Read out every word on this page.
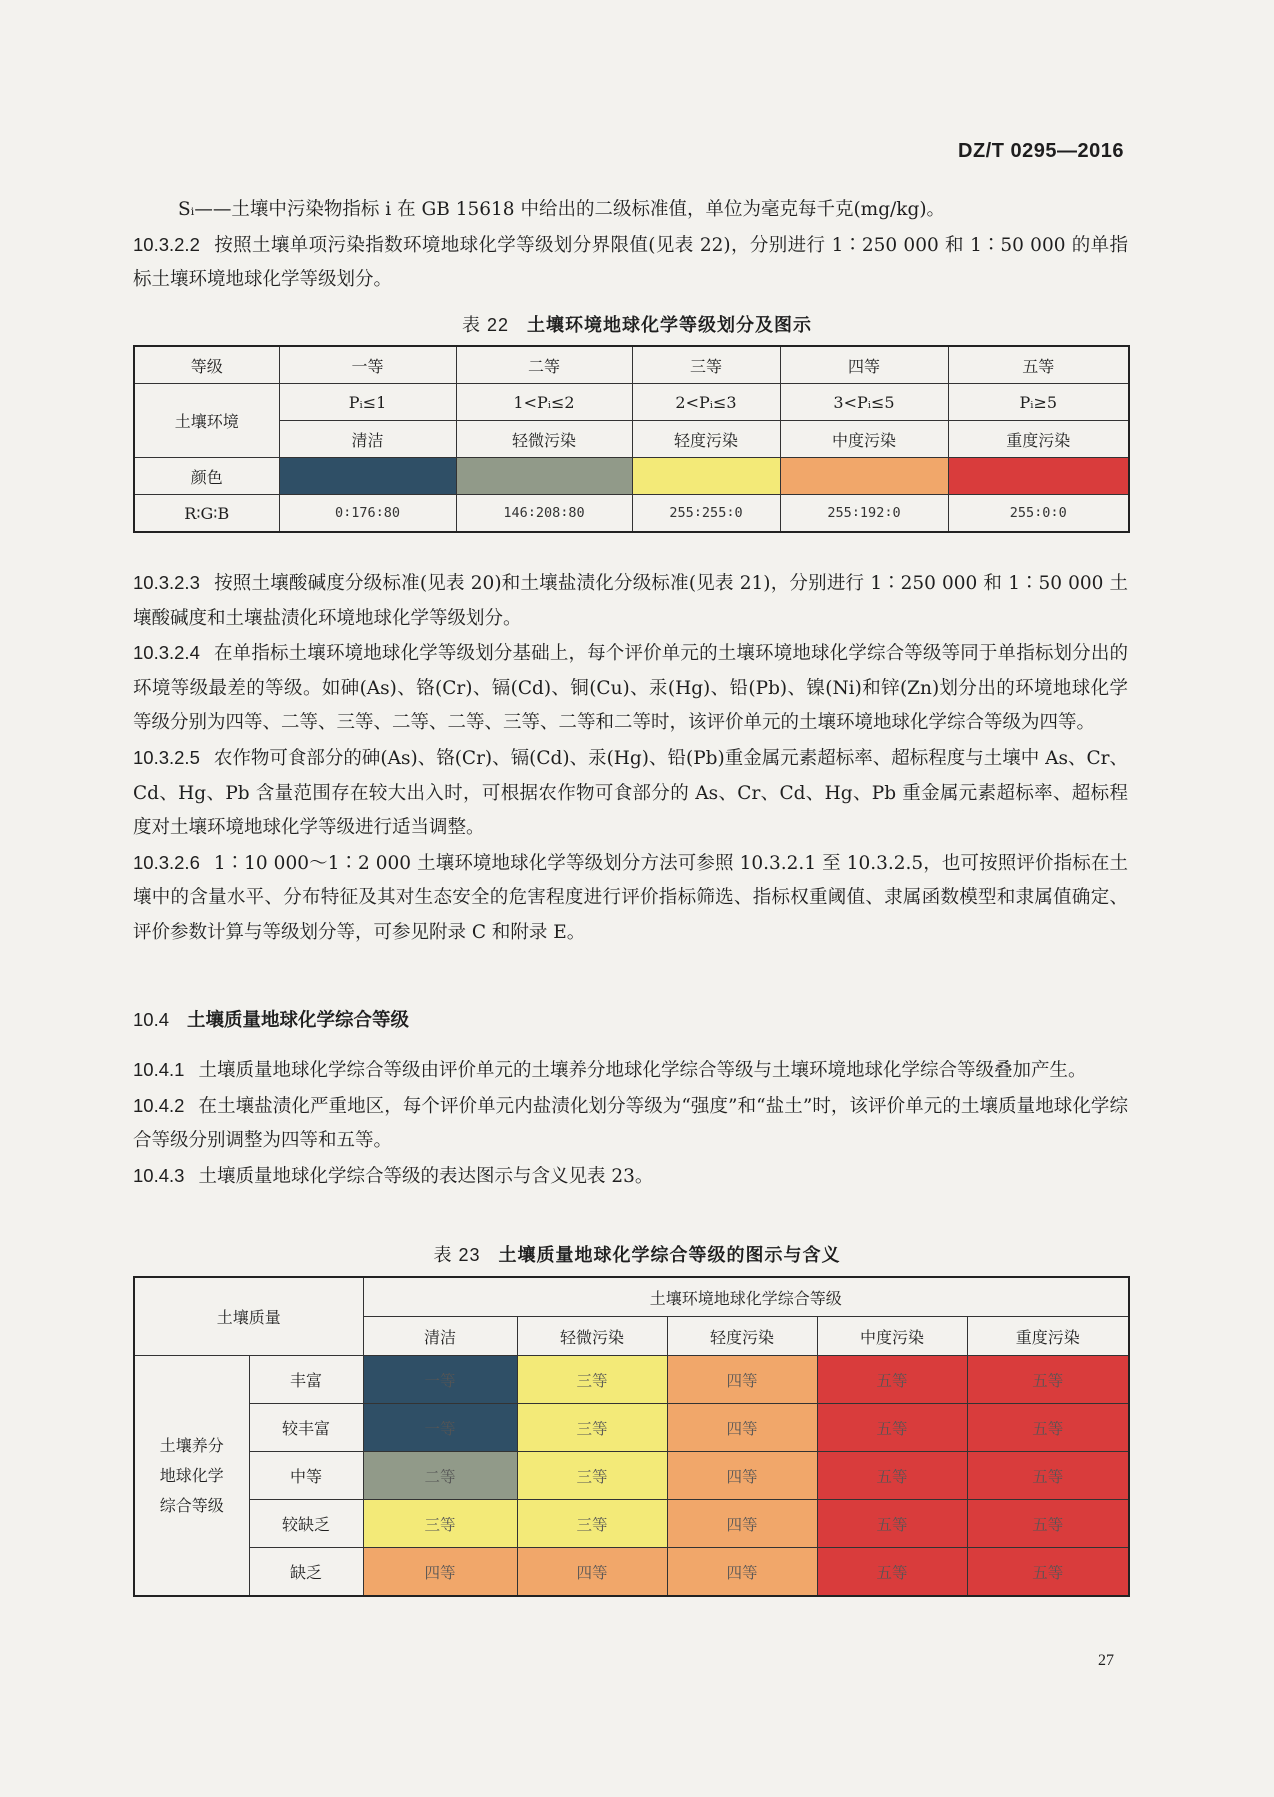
DZ/T 0295—2016

Sᵢ——土壤中污染物指标 i 在 GB 15618 中给出的二级标准值，单位为毫克每千克(mg/kg)。

10.3.2.2 按照土壤单项污染指数环境地球化学等级划分界限值(见表 22)，分别进行 1∶250 000 和 1∶50 000 的单指标土壤环境地球化学等级划分。

表 22 土壤环境地球化学等级划分及图示
等级	一等	二等	三等	四等	五等
土壤环境	Pᵢ≤1	1<Pᵢ≤2	2<Pᵢ≤3	3<Pᵢ≤5	Pᵢ≥5
	清洁	轻微污染	轻度污染	中度污染	重度污染
颜色					
R∶G∶B	0∶176∶80	146∶208∶80	255∶255∶0	255∶192∶0	255∶0∶0

10.3.2.3 按照土壤酸碱度分级标准(见表 20)和土壤盐渍化分级标准(见表 21)，分别进行 1∶250 000 和 1∶50 000 土壤酸碱度和土壤盐渍化环境地球化学等级划分。

10.3.2.4 在单指标土壤环境地球化学等级划分基础上，每个评价单元的土壤环境地球化学综合等级等同于单指标划分出的环境等级最差的等级。如砷(As)、铬(Cr)、镉(Cd)、铜(Cu)、汞(Hg)、铅(Pb)、镍(Ni)和锌(Zn)划分出的环境地球化学等级分别为四等、二等、三等、二等、二等、三等、二等和二等时，该评价单元的土壤环境地球化学综合等级为四等。

10.3.2.5 农作物可食部分的砷(As)、铬(Cr)、镉(Cd)、汞(Hg)、铅(Pb)重金属元素超标率、超标程度与土壤中 As、Cr、Cd、Hg、Pb 含量范围存在较大出入时，可根据农作物可食部分的 As、Cr、Cd、Hg、Pb 重金属元素超标率、超标程度对土壤环境地球化学等级进行适当调整。

10.3.2.6 1∶10 000～1∶2 000 土壤环境地球化学等级划分方法可参照 10.3.2.1 至 10.3.2.5，也可按照评价指标在土壤中的含量水平、分布特征及其对生态安全的危害程度进行评价指标筛选、指标权重阈值、隶属函数模型和隶属值确定、评价参数计算与等级划分等，可参见附录 C 和附录 E。

10.4 土壤质量地球化学综合等级

10.4.1 土壤质量地球化学综合等级由评价单元的土壤养分地球化学综合等级与土壤环境地球化学综合等级叠加产生。

10.4.2 在土壤盐渍化严重地区，每个评价单元内盐渍化划分等级为“强度”和“盐土”时，该评价单元的土壤质量地球化学综合等级分别调整为四等和五等。

10.4.3 土壤质量地球化学综合等级的表达图示与含义见表 23。

表 23 土壤质量地球化学综合等级的图示与含义
土壤质量		土壤环境地球化学综合等级				
		清洁	轻微污染	轻度污染	中度污染	重度污染

土壤养分
地球化学
综合等级	丰富	一等	三等	四等	五等	五等
	较丰富	一等	三等	四等	五等	五等
	中等	二等	三等	四等	五等	五等
	较缺乏	三等	三等	四等	五等	五等
	缺乏	四等	四等	四等	五等	五等
27
